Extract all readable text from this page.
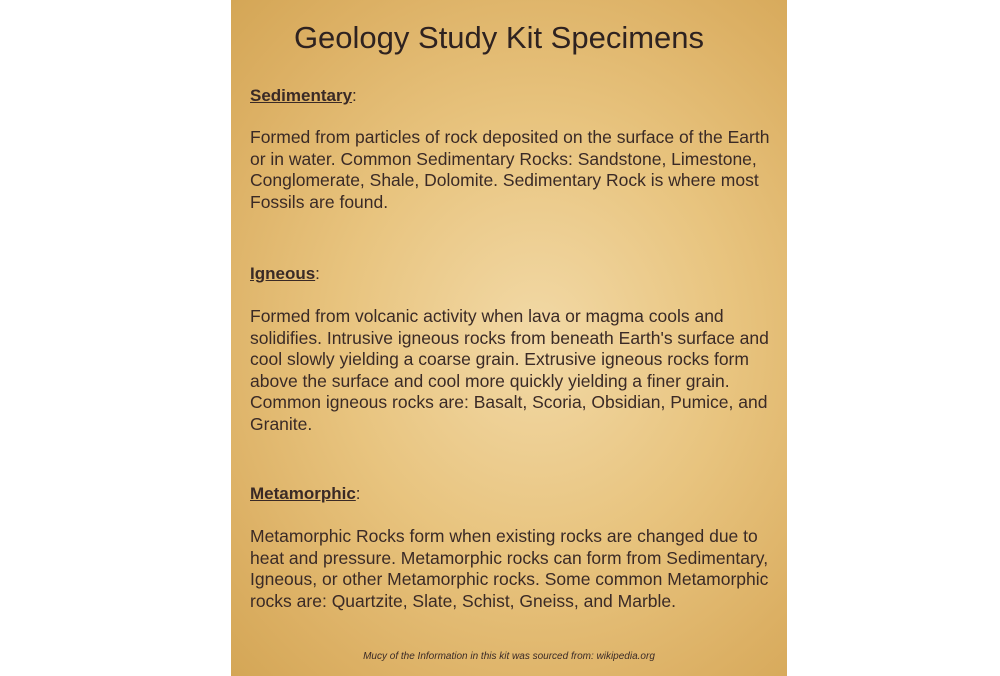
Geology Study Kit Specimens
Sedimentary:

Formed from particles of rock deposited on the surface of the Earth or in water. Common Sedimentary Rocks: Sandstone, Limestone, Conglomerate, Shale, Dolomite. Sedimentary Rock is where most Fossils are found.

Igneous:

Formed from volcanic activity when lava or magma cools and solidifies. Intrusive igneous rocks from beneath Earth's surface and cool slowly yielding a coarse grain. Extrusive igneous rocks form above the surface and cool more quickly yielding a finer grain. Common igneous rocks are: Basalt, Scoria, Obsidian, Pumice, and Granite.

Metamorphic:

Metamorphic Rocks form when existing rocks are changed due to heat and pressure. Metamorphic rocks can form from Sedimentary, Igneous, or other Metamorphic rocks. Some common Metamorphic rocks are: Quartzite, Slate, Schist, Gneiss, and Marble.

Mucy of the Information in this kit was sourced from: wikipedia.org
